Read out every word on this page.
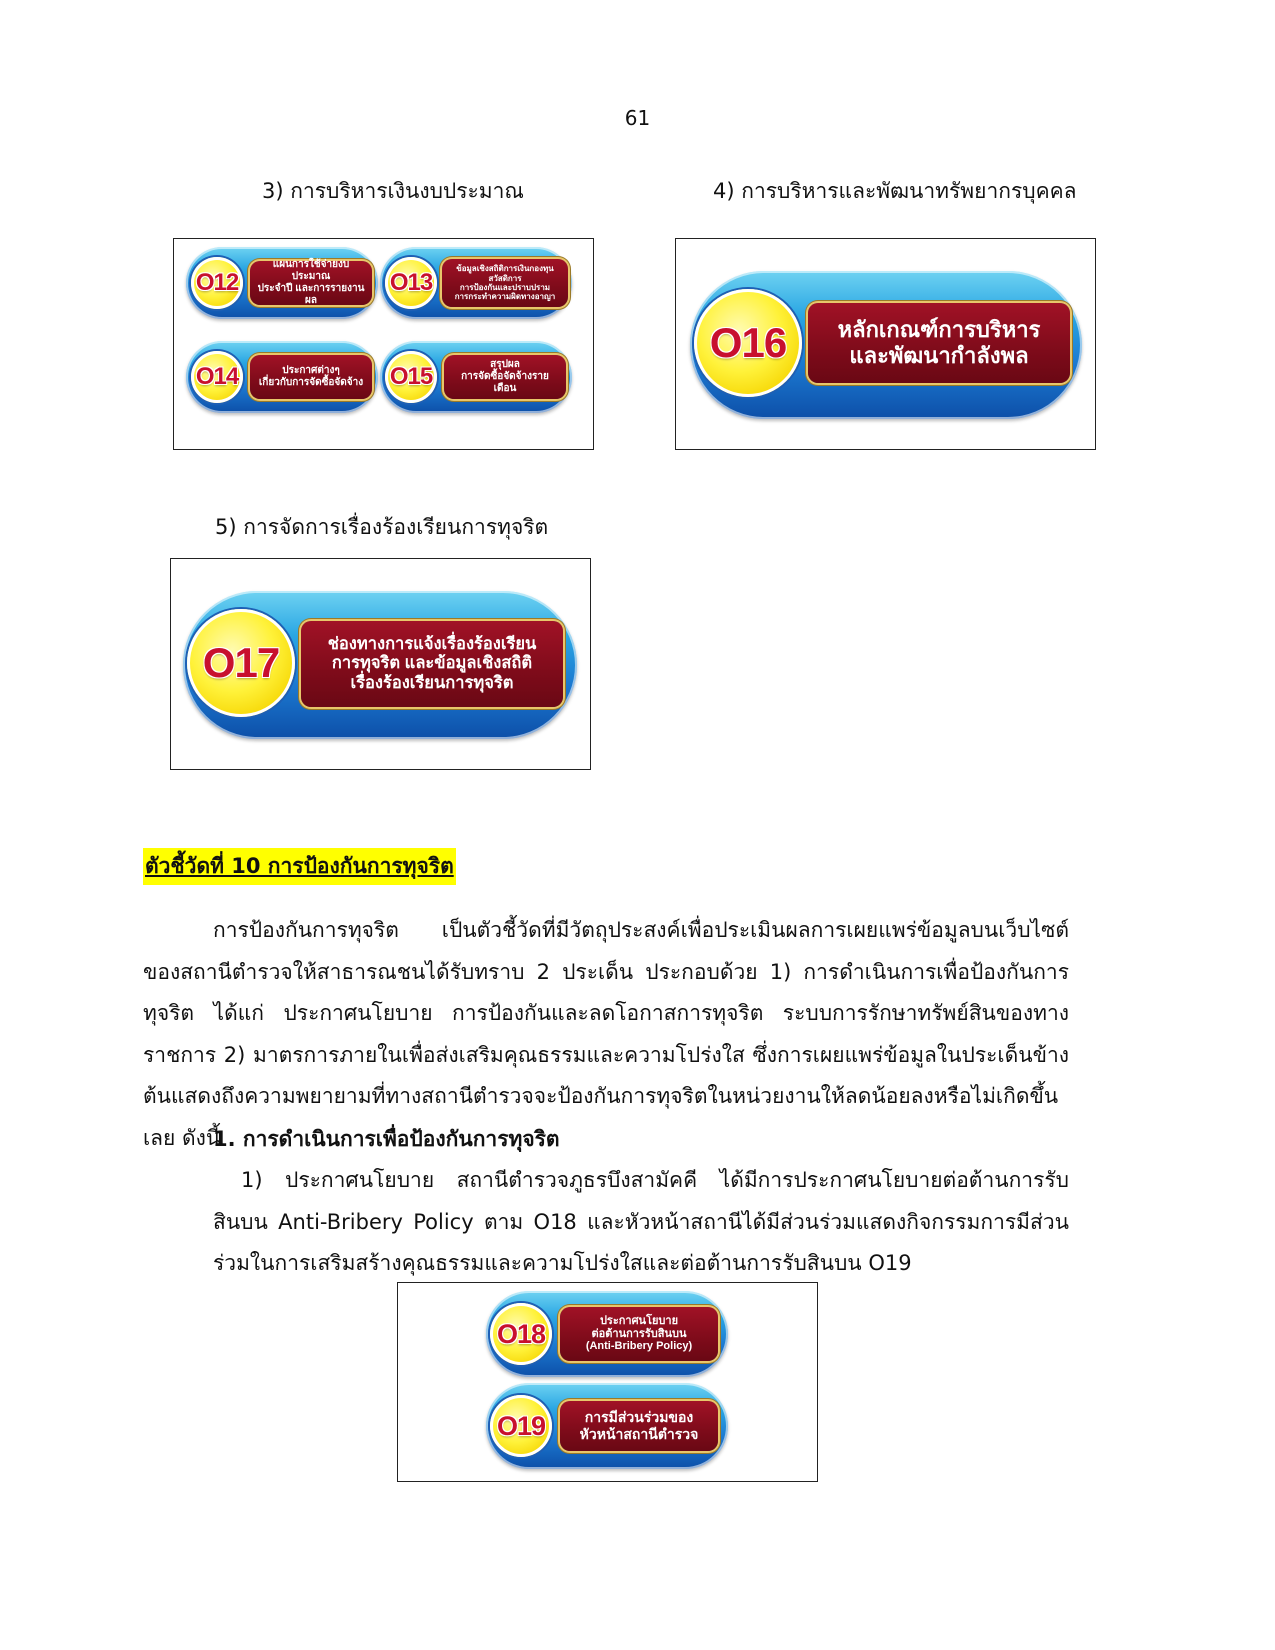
61
3) การบริหารเงินงบประมาณ	4) การบริหารและพัฒนาทรัพยากรบุคคล
O12
แผนการใช้จ่ายงบประมาณ
ประจำปี และการรายงานผล
O13
ข้อมูลเชิงสถิติการเงินกองทุนสวัสดิการ
การป้องกันและปราบปราม
การกระทำความผิดทางอาญา
O14	ประกาศต่างๆ
เกี่ยวกับการจัดซื้อจัดจ้าง	O15	สรุปผล
การจัดซื้อจัดจ้างรายเดือน
O16	หลักเกณฑ์การบริหาร
และพัฒนากำลังพล
5) การจัดการเรื่องร้องเรียนการทุจริต
O17	ช่องทางการแจ้งเรื่องร้องเรียน
การทุจริต และข้อมูลเชิงสถิติ
เรื่องร้องเรียนการทุจริต
ตัวชี้วัดที่ 10 การป้องกันการทุจริต
การป้องกันการทุจริต เป็นตัวชี้วัดที่มีวัตถุประสงค์เพื่อประเมินผลการเผยแพร่ข้อมูลบนเว็บไซต์ของสถานีตำรวจให้สาธารณชนได้รับทราบ 2 ประเด็น ประกอบด้วย 1) การดำเนินการเพื่อป้องกันการทุจริต ได้แก่ ประกาศนโยบาย การป้องกันและลดโอกาสการทุจริต ระบบการรักษาทรัพย์สินของทางราชการ 2) มาตรการภายในเพื่อส่งเสริมคุณธรรมและความโปร่งใส ซึ่งการเผยแพร่ข้อมูลในประเด็นข้างต้นแสดงถึงความพยายามที่ทางสถานีตำรวจจะป้องกันการทุจริตในหน่วยงานให้ลดน้อยลงหรือไม่เกิดขึ้นเลย ดังนี้
1. การดำเนินการเพื่อป้องกันการทุจริต
1) ประกาศนโยบาย สถานีตำรวจภูธรบึงสามัคคี ได้มีการประกาศนโยบายต่อต้านการรับสินบน Anti-Bribery Policy ตาม O18 และหัวหน้าสถานีได้มีส่วนร่วมแสดงกิจกรรมการมีส่วนร่วมในการเสริมสร้างคุณธรรมและความโปร่งใสและต่อต้านการรับสินบน O19
O18	ประกาศนโยบาย
ต่อต้านการรับสินบน
(Anti-Bribery Policy)
O19	การมีส่วนร่วมของ
หัวหน้าสถานีตำรวจ
